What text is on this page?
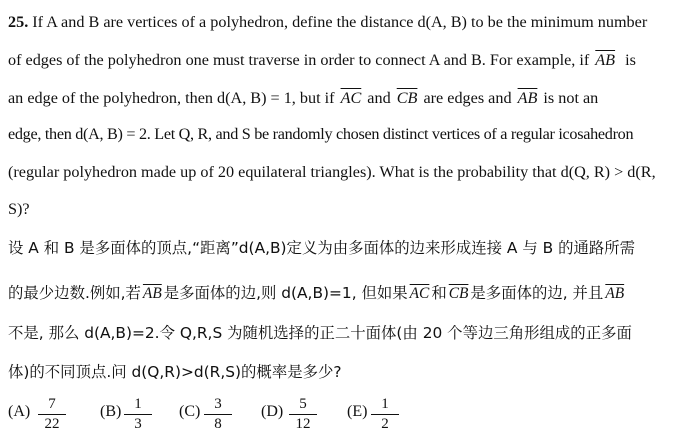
25. If A and B are vertices of a polyhedron, define the distance d(A, B) to be the minimum number
of edges of the polyhedron one must traverse in order to connect A and B. For example, if $\overline{AB}$ is
an edge of the polyhedron, then d(A, B) = 1, but if $\overline{AC}$ and $\overline{CB}$ are edges and $\overline{AB}$ is not an
edge, then d(A, B) = 2. Let Q, R, and S be randomly chosen distinct vertices of a regular icosahedron
(regular polyhedron made up of 20 equilateral triangles). What is the probability that d(Q, R) > d(R,
S)?
设 A 和 B 是多面体的顶点,“距离”d(A,B)定义为由多面体的边来形成连接 A 与 B 的通路所需
的最少边数.例如,若 $\overline{AB}$ 是多面体的边,则 d(A,B)=1, 但如果 $\overline{AC}$ 和 $\overline{CB}$ 是多面体的边, 并且 $\overline{AB}$
不是, 那么 d(A,B)=2.令 Q,R,S 为随机选择的正二十面体(由 20 个等边三角形组成的正多面
体)的不同顶点.问 d(Q,R)>d(R,S)的概率是多少?
$(A) \frac{7}{22} (B) \frac{1}{3} (C) \frac{3}{8} (D) \frac{5}{12} (E) \frac{1}{2}$
